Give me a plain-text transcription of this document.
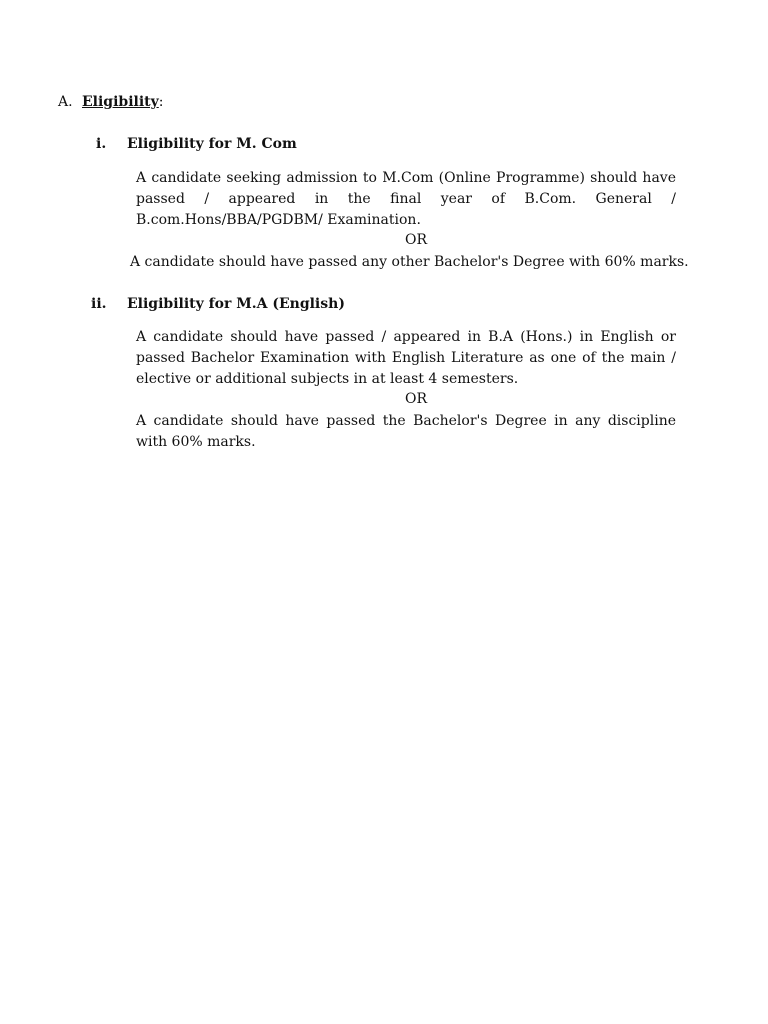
A. Eligibility:
i. Eligibility for M. Com
A candidate seeking admission to M.Com (Online Programme) should have passed / appeared in the final year of B.Com. General / B.com.Hons/BBA/PGDBM/ Examination.
OR
A candidate should have passed any other Bachelor's Degree with 60% marks.
ii. Eligibility for M.A (English)
A candidate should have passed / appeared in B.A (Hons.) in English or passed Bachelor Examination with English Literature as one of the main / elective or additional subjects in at least 4 semesters.
OR
A candidate should have passed the Bachelor's Degree in any discipline with 60% marks.
